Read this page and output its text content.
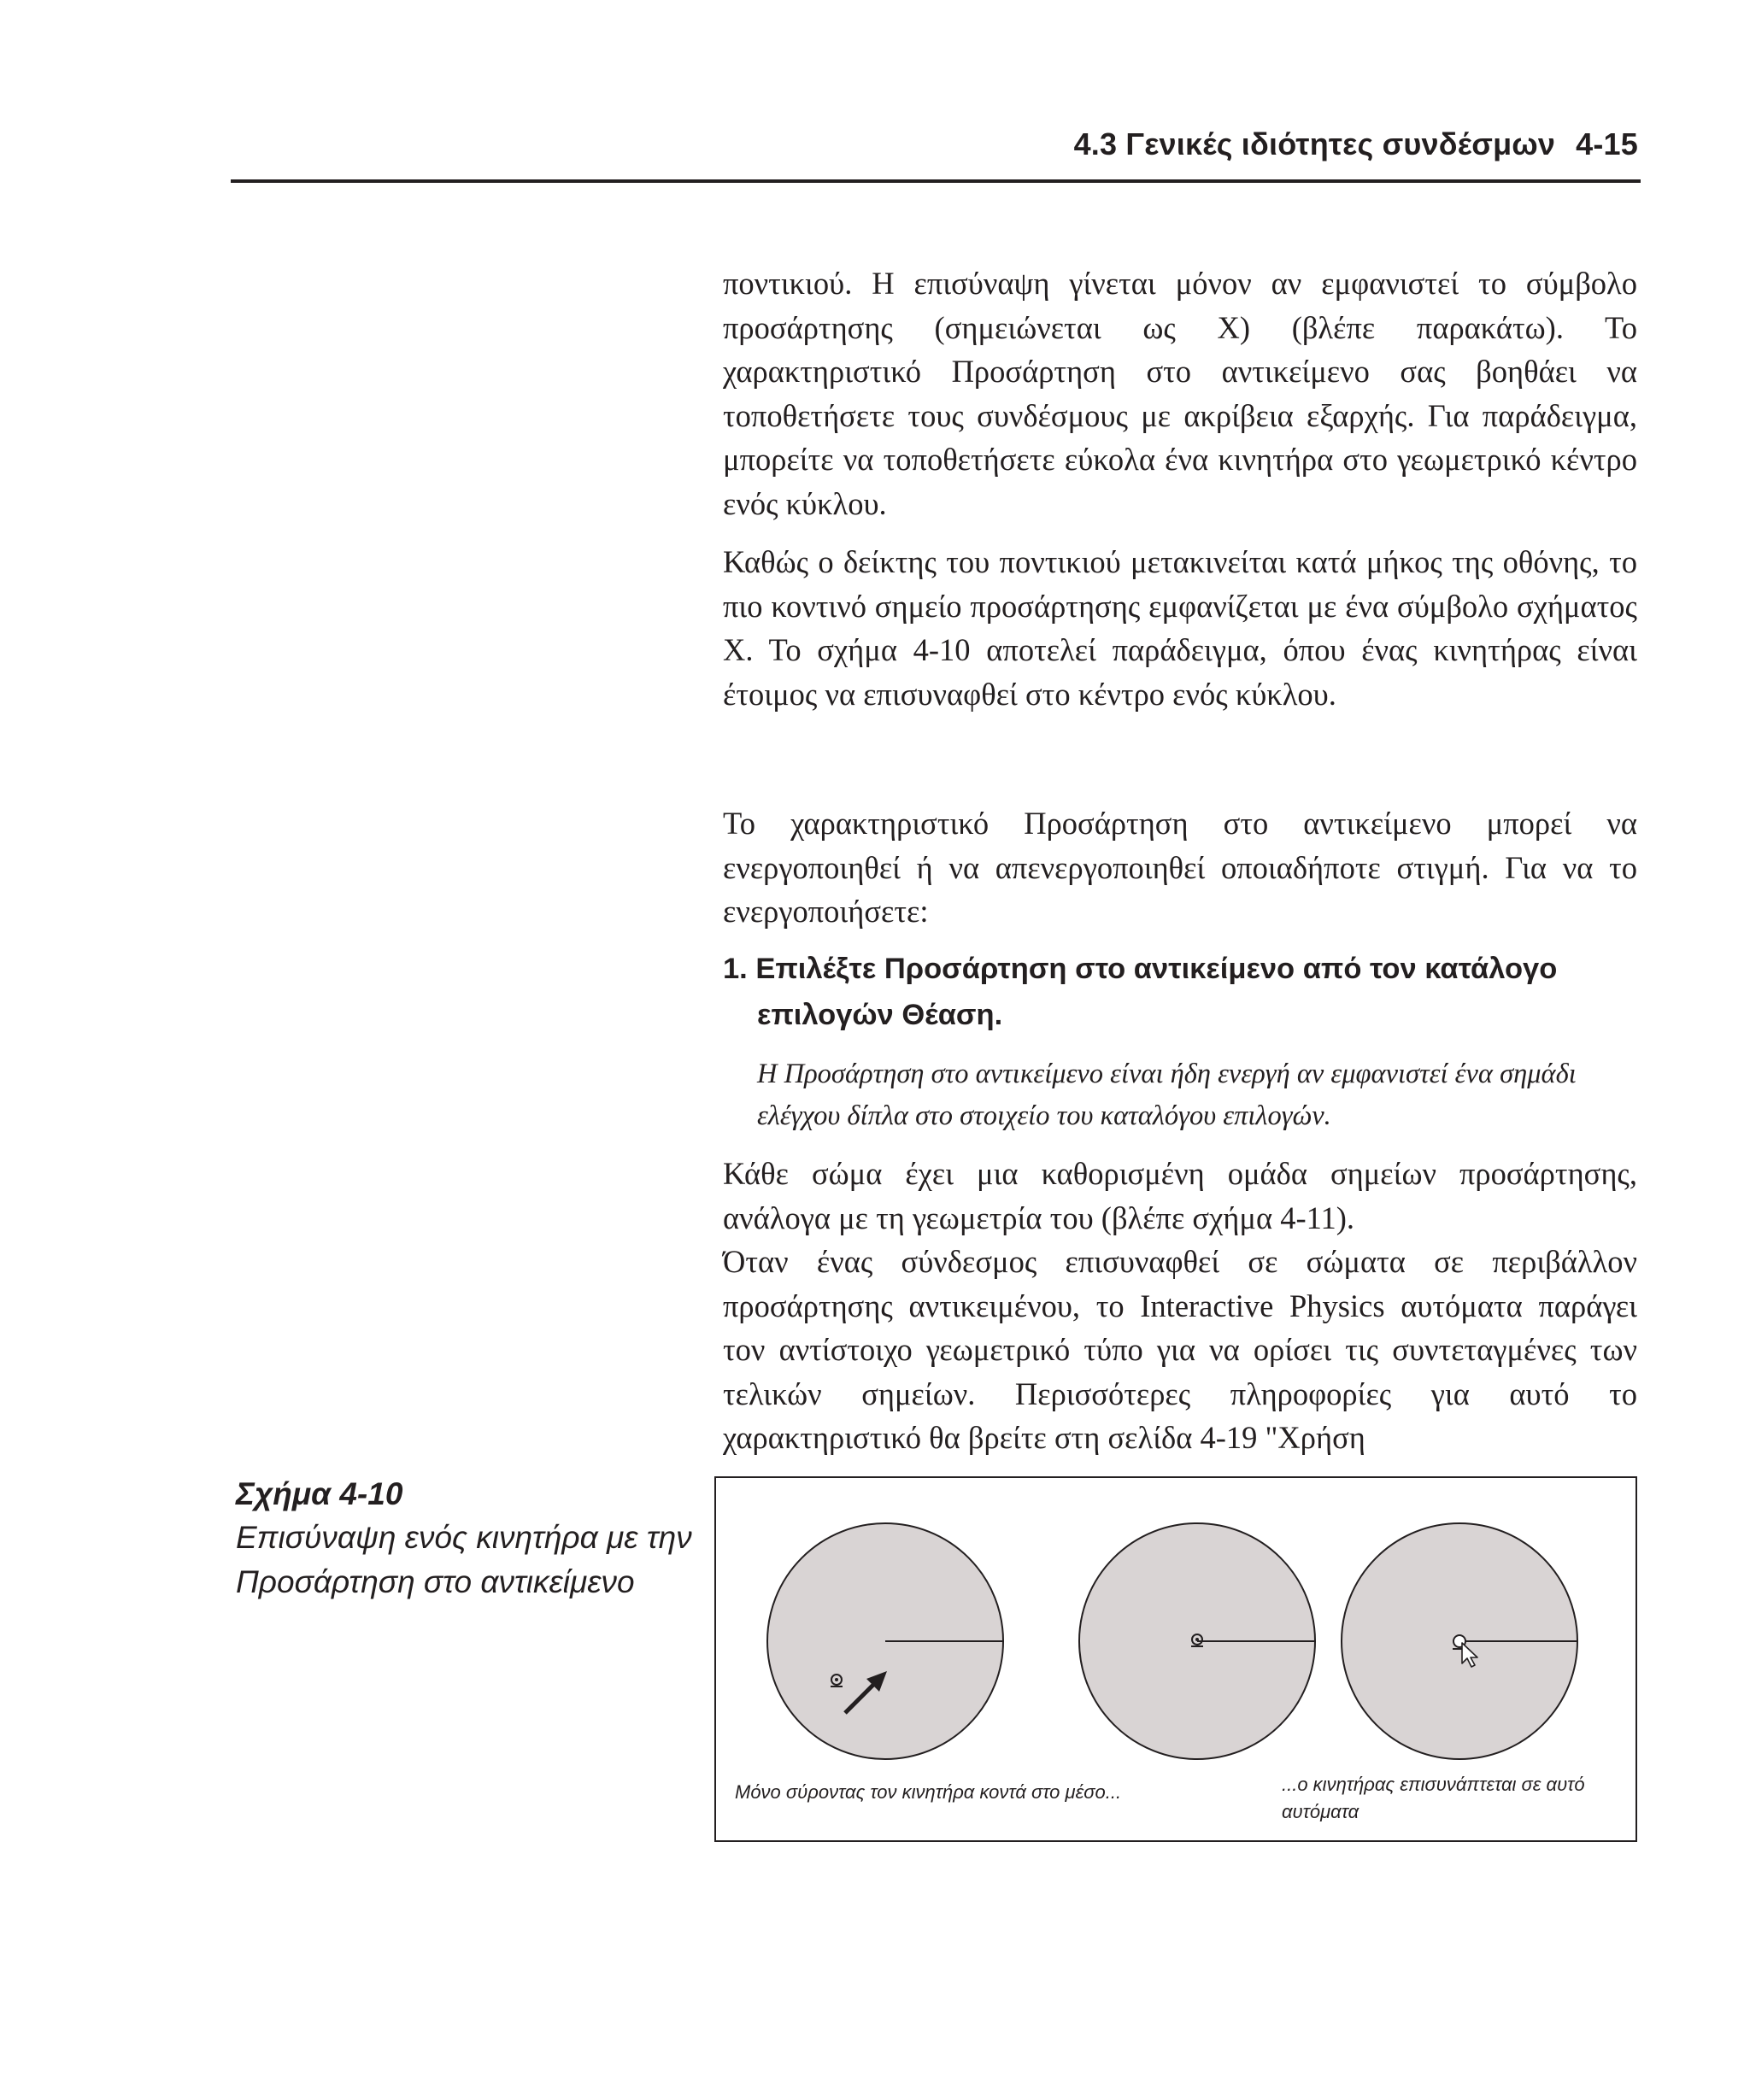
4.3 Γενικές ιδιότητες συνδέσμων 4-15

ποντικιού. Η επισύναψη γίνεται μόνον αν εμφανιστεί το σύμβολο προσάρτησης (σημειώνεται ως Χ) (βλέπε παρακάτω). Το χαρακτηριστικό Προσάρτηση στο αντικείμενο σας βοηθάει να τοποθετήσετε τους συνδέσμους με ακρίβεια εξαρχής. Για παράδειγμα, μπορείτε να τοποθετήσετε εύκολα ένα κινητήρα στο γεωμετρικό κέντρο ενός κύκλου.

Καθώς ο δείκτης του ποντικιού μετακινείται κατά μήκος της οθόνης, το πιο κοντινό σημείο προσάρτησης εμφανίζεται με ένα σύμβολο σχήματος Χ. Το σχήμα 4-10 αποτελεί παράδειγμα, όπου ένας κινητήρας είναι έτοιμος να επισυναφθεί στο κέντρο ενός κύκλου.

Το χαρακτηριστικό Προσάρτηση στο αντικείμενο μπορεί να ενεργοποιηθεί ή να απενεργοποιηθεί οποιαδήποτε στιγμή. Για να το ενεργοποιήσετε:

1. Επιλέξτε Προσάρτηση στο αντικείμενο από τον κατάλογο επιλογών Θέαση.

Η Προσάρτηση στο αντικείμενο είναι ήδη ενεργή αν εμφανιστεί ένα σημάδι ελέγχου δίπλα στο στοιχείο του καταλόγου επιλογών.

Κάθε σώμα έχει μια καθορισμένη ομάδα σημείων προσάρτησης, ανάλογα με τη γεωμετρία του (βλέπε σχήμα 4-11).

Όταν ένας σύνδεσμος επισυναφθεί σε σώματα σε περιβάλλον προσάρτησης αντικειμένου, το Interactive Physics αυτόματα παράγει τον αντίστοιχο γεωμετρικό τύπο για να ορίσει τις συντεταγμένες των τελικών σημείων. Περισσότερες πληροφορίες για αυτό το χαρακτηριστικό θα βρείτε στη σελίδα 4-19 "Χρήση

Σχήμα 4-10
Επισύναψη ενός κινητήρα με την Προσάρτηση στο αντικείμενο
Μόνο σύροντας τον κινητήρα κοντά στο μέσο...	...ο κινητήρας επισυνάπτεται σε αυτό αυτόματα
